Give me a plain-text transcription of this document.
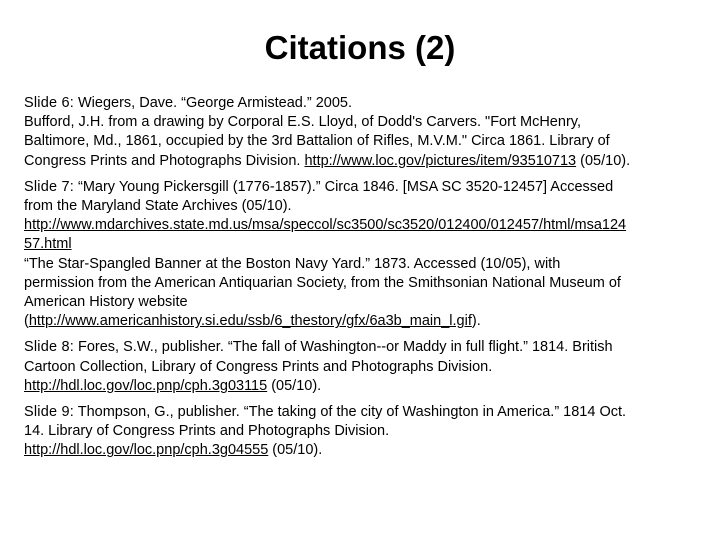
Citations (2)
Slide 6: Wiegers, Dave. “George Armistead.” 2005.
Bufford, J.H. from a drawing by Corporal E.S. Lloyd, of Dodd's Carvers. "Fort McHenry,
Baltimore, Md., 1861, occupied by the 3rd Battalion of Rifles, M.V.M." Circa 1861. Library of
Congress Prints and Photographs Division. http://www.loc.gov/pictures/item/93510713 (05/10).
Slide 7: “Mary Young Pickersgill (1776-1857).” Circa 1846. [MSA SC 3520-12457] Accessed
from the Maryland State Archives (05/10).
http://www.mdarchives.state.md.us/msa/speccol/sc3500/sc3520/012400/012457/html/msa124
57.html
“The Star-Spangled Banner at the Boston Navy Yard.” 1873. Accessed (10/05), with
permission from the American Antiquarian Society, from the Smithsonian National Museum of
American History website
(http://www.americanhistory.si.edu/ssb/6_thestory/gfx/6a3b_main_l.gif).
Slide 8: Fores, S.W., publisher. “The fall of Washington--or Maddy in full flight.” 1814. British
Cartoon Collection, Library of Congress Prints and Photographs Division.
http://hdl.loc.gov/loc.pnp/cph.3g03115 (05/10).
Slide 9: Thompson, G., publisher. “The taking of the city of Washington in America.” 1814 Oct.
14. Library of Congress Prints and Photographs Division.
http://hdl.loc.gov/loc.pnp/cph.3g04555 (05/10).
